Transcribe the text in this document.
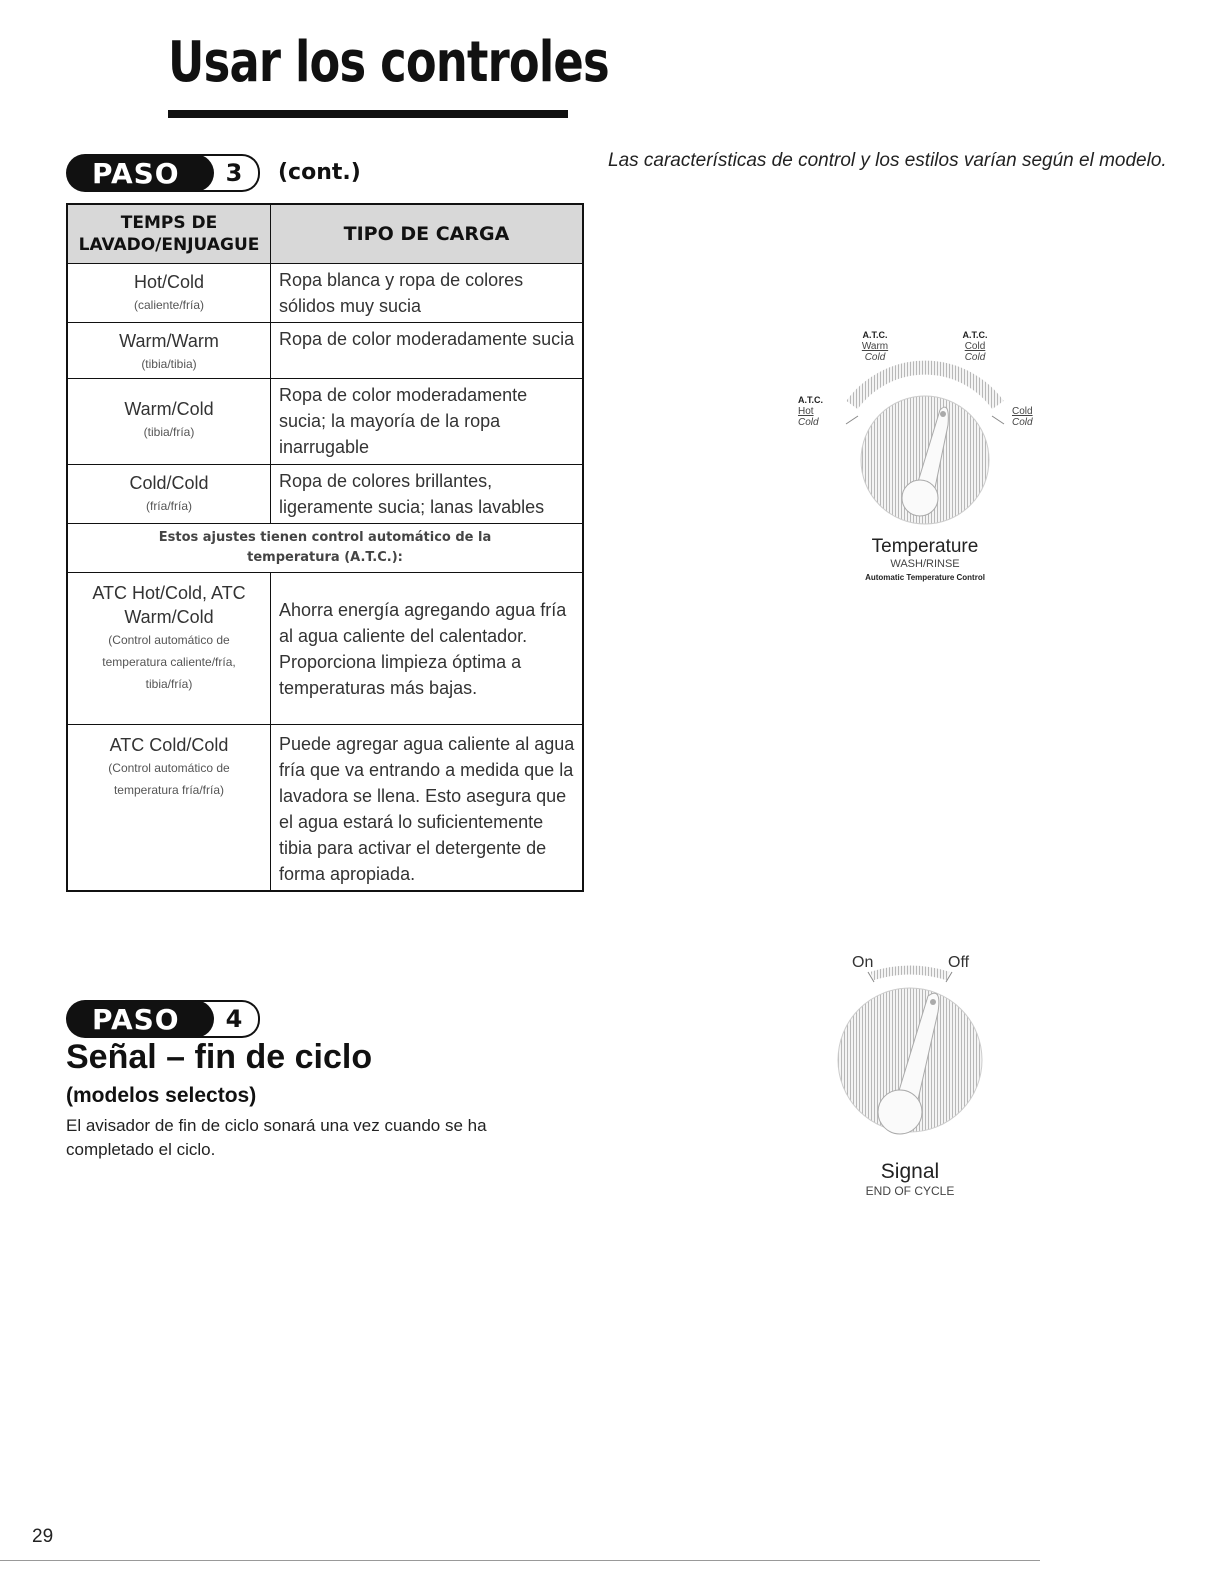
Usar los controles
PASO	3	(cont.)	Las características de control y los estilos varían según el modelo.
TEMPS DE LAVADO/ENJUAGUE	TIPO DE CARGA

Hot/Cold
(caliente/fría)	Ropa blanca y ropa de colores sólidos muy sucia

Warm/Warm
(tibia/tibia)	Ropa de color moderadamente sucia

Warm/Cold
(tibia/fría)	Ropa de color moderadamente sucia; la mayoría de la ropa inarrugable

Cold/Cold
(fría/fría)	Ropa de colores brillantes, ligeramente sucia; lanas lavables
Estos ajustes tienen control automático de la temperatura (A.T.C.):	

ATC Hot/Cold, ATC Warm/Cold
(Control automático de temperatura caliente/fría, tibia/fría)	Ahorra energía agregando agua fría al agua caliente del calentador. Proporciona limpieza óptima a temperaturas más bajas.

ATC Cold/Cold
(Control automático de temperatura fría/fría)	Puede agregar agua caliente al agua fría que va entrando a medida que la lavadora se llena. Esto asegura que el agua estará lo suficientemente tibia para activar el detergente de forma apropiada.
A.T.C.
Warm
Cold
A.T.C.
Cold
Cold
A.T.C.
Hot
Cold
Cold
Cold
Temperature
WASH/RINSE
Automatic Temperature Control
PASO	4
Señal – fin de ciclo
(modelos selectos)

El avisador de fin de ciclo sonará una vez cuando se ha completado el ciclo.

On	Off
Signal
END OF CYCLE
29
